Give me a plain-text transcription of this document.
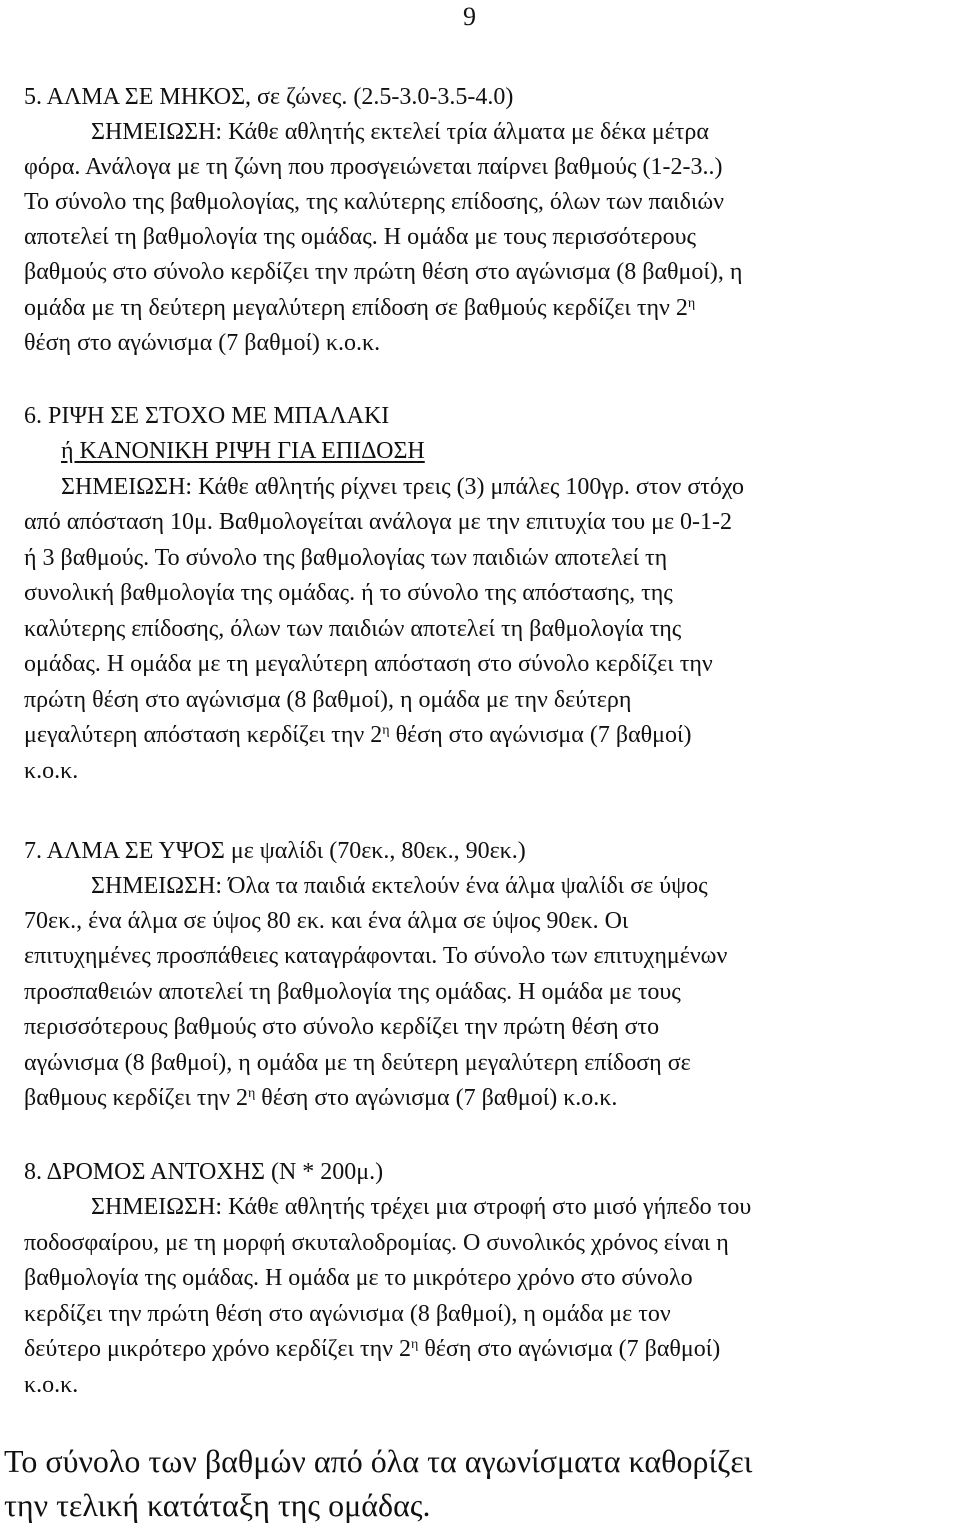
9
5. ΑΛΜΑ ΣΕ ΜΗΚΟΣ, σε ζώνες. (2.5-3.0-3.5-4.0)
ΣΗΜΕΙΩΣΗ: Κάθε αθλητής εκτελεί τρία άλματα με δέκα μέτρα
φόρα. Ανάλογα με τη ζώνη που προσγειώνεται παίρνει βαθμούς (1-2-3..)
Το σύνολο της βαθμολογίας, της καλύτερης επίδοσης, όλων των παιδιών
αποτελεί τη βαθμολογία της ομάδας. Η ομάδα με τους περισσότερους
βαθμούς στο σύνολο κερδίζει την πρώτη θέση στο αγώνισμα (8 βαθμοί), η
ομάδα με τη δεύτερη μεγαλύτερη επίδοση σε βαθμούς κερδίζει την $2^\eta$
θέση στο αγώνισμα (7 βαθμοί) κ.ο.κ.
6. ΡΙΨΗ ΣΕ ΣΤΟΧΟ ΜΕ ΜΠΑΛΑΚΙ
ή ΚΑΝΟΝΙΚΗ ΡΙΨΗ ΓΙΑ ΕΠΙΔΟΣΗ
ΣΗΜΕΙΩΣΗ: Κάθε αθλητής ρίχνει τρεις (3) μπάλες 100γρ. στον στόχο
από απόσταση 10μ. Βαθμολογείται ανάλογα με την επιτυχία του με 0-1-2
ή 3 βαθμούς. Το σύνολο της βαθμολογίας των παιδιών αποτελεί τη
συνολική βαθμολογία της ομάδας. ή το σύνολο της απόστασης, της
καλύτερης επίδοσης, όλων των παιδιών αποτελεί τη βαθμολογία της
ομάδας. Η ομάδα με τη μεγαλύτερη απόσταση στο σύνολο κερδίζει την
πρώτη θέση στο αγώνισμα (8 βαθμοί), η ομάδα με την δεύτερη
μεγαλύτερη απόσταση κερδίζει την $2^\eta$ θέση στο αγώνισμα (7 βαθμοί)
κ.ο.κ.
7. ΑΛΜΑ ΣΕ ΥΨΟΣ με ψαλίδι (70εκ., 80εκ., 90εκ.)
ΣΗΜΕΙΩΣΗ: Όλα τα παιδιά εκτελούν ένα άλμα ψαλίδι σε ύψος
70εκ., ένα άλμα σε ύψος 80 εκ. και ένα άλμα σε ύψος 90εκ. Οι
επιτυχημένες προσπάθειες καταγράφονται. Το σύνολο των επιτυχημένων
προσπαθειών αποτελεί τη βαθμολογία της ομάδας. Η ομάδα με τους
περισσότερους βαθμούς στο σύνολο κερδίζει την πρώτη θέση στο
αγώνισμα (8 βαθμοί), η ομάδα με τη δεύτερη μεγαλύτερη επίδοση σε
βαθμους κερδίζει την $2^\eta$ θέση στο αγώνισμα (7 βαθμοί) κ.ο.κ.
8. ΔΡΟΜΟΣ ΑΝΤΟΧΗΣ (Ν * 200μ.)
ΣΗΜΕΙΩΣΗ: Κάθε αθλητής τρέχει μια στροφή στο μισό γήπεδο του
ποδοσφαίρου, με τη μορφή σκυταλοδρομίας. Ο συνολικός χρόνος είναι η
βαθμολογία της ομάδας. Η ομάδα με το μικρότερο χρόνο στο σύνολο
κερδίζει την πρώτη θέση στο αγώνισμα (8 βαθμοί), η ομάδα με τον
δεύτερο μικρότερο χρόνο κερδίζει την $2^\eta$ θέση στο αγώνισμα (7 βαθμοί)
κ.ο.κ.
Το σύνολο των βαθμών από όλα τα αγωνίσματα καθορίζει
την τελική κατάταξη της ομάδας.
